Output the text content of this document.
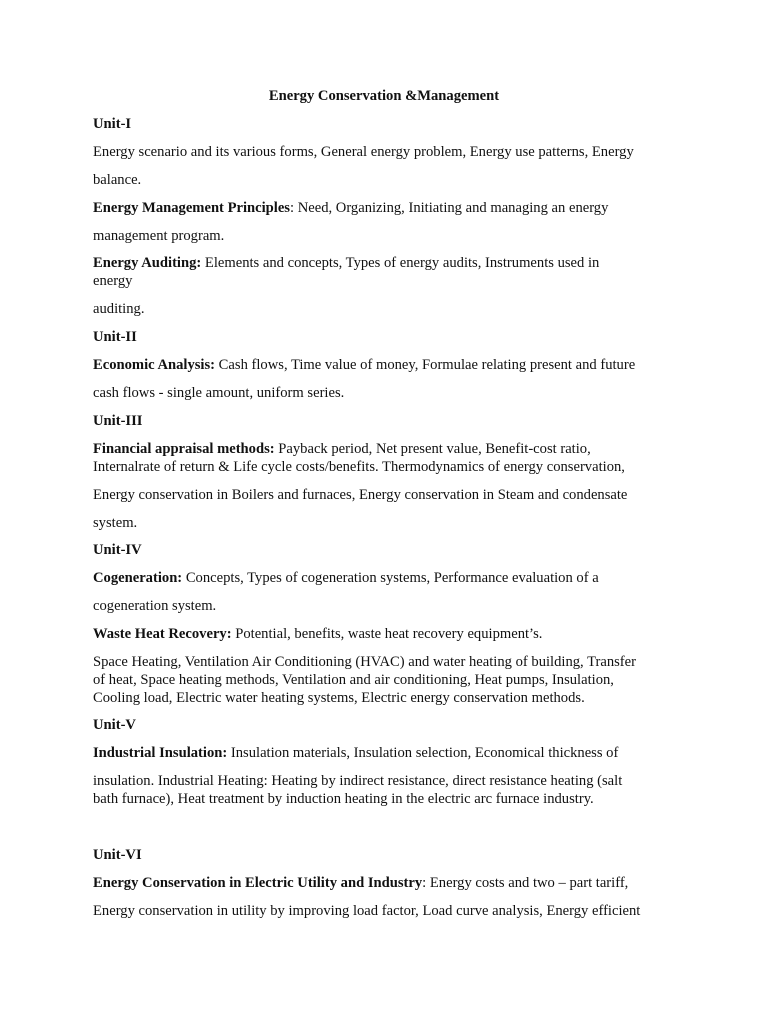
Energy Conservation &Management
Unit-I
Energy scenario and its various forms, General energy problem, Energy use patterns, Energy
balance.
Energy Management Principles: Need, Organizing, Initiating and managing an energy
management program.
Energy Auditing: Elements and concepts, Types of energy audits, Instruments used in
energy
auditing.
Unit-II
Economic Analysis: Cash flows, Time value of money, Formulae relating present and future
cash flows - single amount, uniform series.
Unit-III
Financial appraisal methods: Payback period, Net present value, Benefit-cost ratio,
Internalrate of return & Life cycle costs/benefits. Thermodynamics of energy conservation,
Energy conservation in Boilers and furnaces, Energy conservation in Steam and condensate
system.
Unit-IV
Cogeneration: Concepts, Types of cogeneration systems, Performance evaluation of a
cogeneration system.
Waste Heat Recovery: Potential, benefits, waste heat recovery equipment’s.
Space Heating, Ventilation Air Conditioning (HVAC) and water heating of building, Transfer
of heat, Space heating methods, Ventilation and air conditioning, Heat pumps, Insulation,
Cooling load, Electric water heating systems, Electric energy conservation methods.
Unit-V
Industrial Insulation: Insulation materials, Insulation selection, Economical thickness of
insulation. Industrial Heating: Heating by indirect resistance, direct resistance heating (salt
bath furnace), Heat treatment by induction heating in the electric arc furnace industry.
Unit-VI
Energy Conservation in Electric Utility and Industry: Energy costs and two – part tariff,
Energy conservation in utility by improving load factor, Load curve analysis, Energy efficient
